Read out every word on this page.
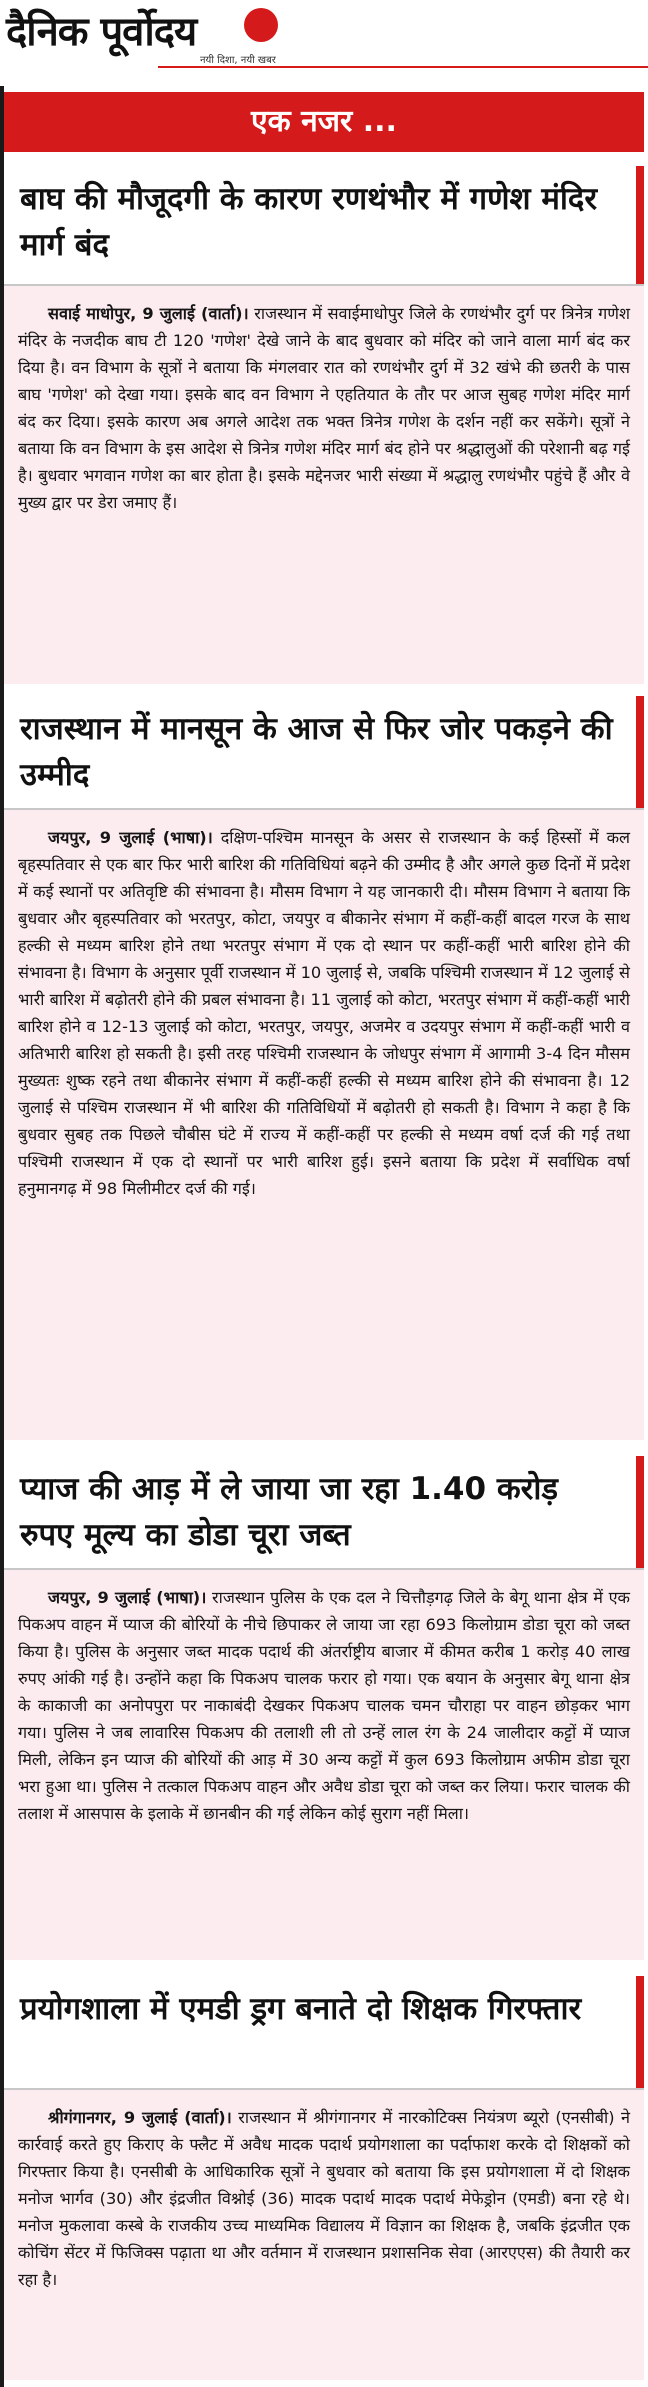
दैनिक पूर्वोदय
नयी दिशा, नयी खबर
एक नजर ...
बाघ की मौजूदगी के कारण रणथंभौर में गणेश मंदिर मार्ग बंद

सवाई माधोपुर, 9 जुलाई (वार्ता)। राजस्थान में सवाईमाधोपुर जिले के रणथंभौर दुर्ग पर त्रिनेत्र गणेश मंदिर के नजदीक बाघ टी 120 'गणेश' देखे जाने के बाद बुधवार को मंदिर को जाने वाला मार्ग बंद कर दिया है। वन विभाग के सूत्रों ने बताया कि मंगलवार रात को रणथंभौर दुर्ग में 32 खंभे की छतरी के पास बाघ 'गणेश' को देखा गया। इसके बाद वन विभाग ने एहतियात के तौर पर आज सुबह गणेश मंदिर मार्ग बंद कर दिया। इसके कारण अब अगले आदेश तक भक्त त्रिनेत्र गणेश के दर्शन नहीं कर सकेंगे। सूत्रों ने बताया कि वन विभाग के इस आदेश से त्रिनेत्र गणेश मंदिर मार्ग बंद होने पर श्रद्धालुओं की परेशानी बढ़ गई है। बुधवार भगवान गणेश का बार होता है। इसके मद्देनजर भारी संख्या में श्रद्धालु रणथंभौर पहुंचे हैं और वे मुख्य द्वार पर डेरा जमाए हैं।

राजस्थान में मानसून के आज से फिर जोर पकड़ने की उम्मीद

जयपुर, 9 जुलाई (भाषा)। दक्षिण-पश्चिम मानसून के असर से राजस्थान के कई हिस्सों में कल बृहस्पतिवार से एक बार फिर भारी बारिश की गतिविधियां बढ़ने की उम्मीद है और अगले कुछ दिनों में प्रदेश में कई स्थानों पर अतिवृष्टि की संभावना है। मौसम विभाग ने यह जानकारी दी। मौसम विभाग ने बताया कि बुधवार और बृहस्पतिवार को भरतपुर, कोटा, जयपुर व बीकानेर संभाग में कहीं-कहीं बादल गरज के साथ हल्की से मध्यम बारिश होने तथा भरतपुर संभाग में एक दो स्थान पर कहीं-कहीं भारी बारिश होने की संभावना है। विभाग के अनुसार पूर्वी राजस्थान में 10 जुलाई से, जबकि पश्चिमी राजस्थान में 12 जुलाई से भारी बारिश में बढ़ोतरी होने की प्रबल संभावना है। 11 जुलाई को कोटा, भरतपुर संभाग में कहीं-कहीं भारी बारिश होने व 12-13 जुलाई को कोटा, भरतपुर, जयपुर, अजमेर व उदयपुर संभाग में कहीं-कहीं भारी व अतिभारी बारिश हो सकती है। इसी तरह पश्चिमी राजस्थान के जोधपुर संभाग में आगामी 3-4 दिन मौसम मुख्यतः शुष्क रहने तथा बीकानेर संभाग में कहीं-कहीं हल्की से मध्यम बारिश होने की संभावना है। 12 जुलाई से पश्चिम राजस्थान में भी बारिश की गतिविधियों में बढ़ोतरी हो सकती है। विभाग ने कहा है कि बुधवार सुबह तक पिछले चौबीस घंटे में राज्य में कहीं-कहीं पर हल्की से मध्यम वर्षा दर्ज की गई तथा पश्चिमी राजस्थान में एक दो स्थानों पर भारी बारिश हुई। इसने बताया कि प्रदेश में सर्वाधिक वर्षा हनुमानगढ़ में 98 मिलीमीटर दर्ज की गई।

प्याज की आड़ में ले जाया जा रहा 1.40 करोड़ रुपए मूल्य का डोडा चूरा जब्त

जयपुर, 9 जुलाई (भाषा)। राजस्थान पुलिस के एक दल ने चित्तौड़गढ़ जिले के बेगू थाना क्षेत्र में एक पिकअप वाहन में प्याज की बोरियों के नीचे छिपाकर ले जाया जा रहा 693 किलोग्राम डोडा चूरा को जब्त किया है। पुलिस के अनुसार जब्त मादक पदार्थ की अंतर्राष्ट्रीय बाजार में कीमत करीब 1 करोड़ 40 लाख रुपए आंकी गई है। उन्होंने कहा कि पिकअप चालक फरार हो गया। एक बयान के अनुसार बेगू थाना क्षेत्र के काकाजी का अनोपपुरा पर नाकाबंदी देखकर पिकअप चालक चमन चौराहा पर वाहन छोड़कर भाग गया। पुलिस ने जब लावारिस पिकअप की तलाशी ली तो उन्हें लाल रंग के 24 जालीदार कट्टों में प्याज मिली, लेकिन इन प्याज की बोरियों की आड़ में 30 अन्य कट्टों में कुल 693 किलोग्राम अफीम डोडा चूरा भरा हुआ था। पुलिस ने तत्काल पिकअप वाहन और अवैध डोडा चूरा को जब्त कर लिया। फरार चालक की तलाश में आसपास के इलाके में छानबीन की गई लेकिन कोई सुराग नहीं मिला।

प्रयोगशाला में एमडी ड्रग बनाते दो शिक्षक गिरफ्तार

श्रीगंगानगर, 9 जुलाई (वार्ता)। राजस्थान में श्रीगंगानगर में नारकोटिक्स नियंत्रण ब्यूरो (एनसीबी) ने कार्रवाई करते हुए किराए के फ्लैट में अवैध मादक पदार्थ प्रयोगशाला का पर्दाफाश करके दो शिक्षकों को गिरफ्तार किया है। एनसीबी के आधिकारिक सूत्रों ने बुधवार को बताया कि इस प्रयोगशाला में दो शिक्षक मनोज भार्गव (30) और इंद्रजीत विश्नोई (36) मादक पदार्थ मादक पदार्थ मेफेड्रोन (एमडी) बना रहे थे। मनोज मुकलावा कस्बे के राजकीय उच्च माध्यमिक विद्यालय में विज्ञान का शिक्षक है, जबकि इंद्रजीत एक कोचिंग सेंटर में फिजिक्स पढ़ाता था और वर्तमान में राजस्थान प्रशासनिक सेवा (आरएएस) की तैयारी कर रहा है।
